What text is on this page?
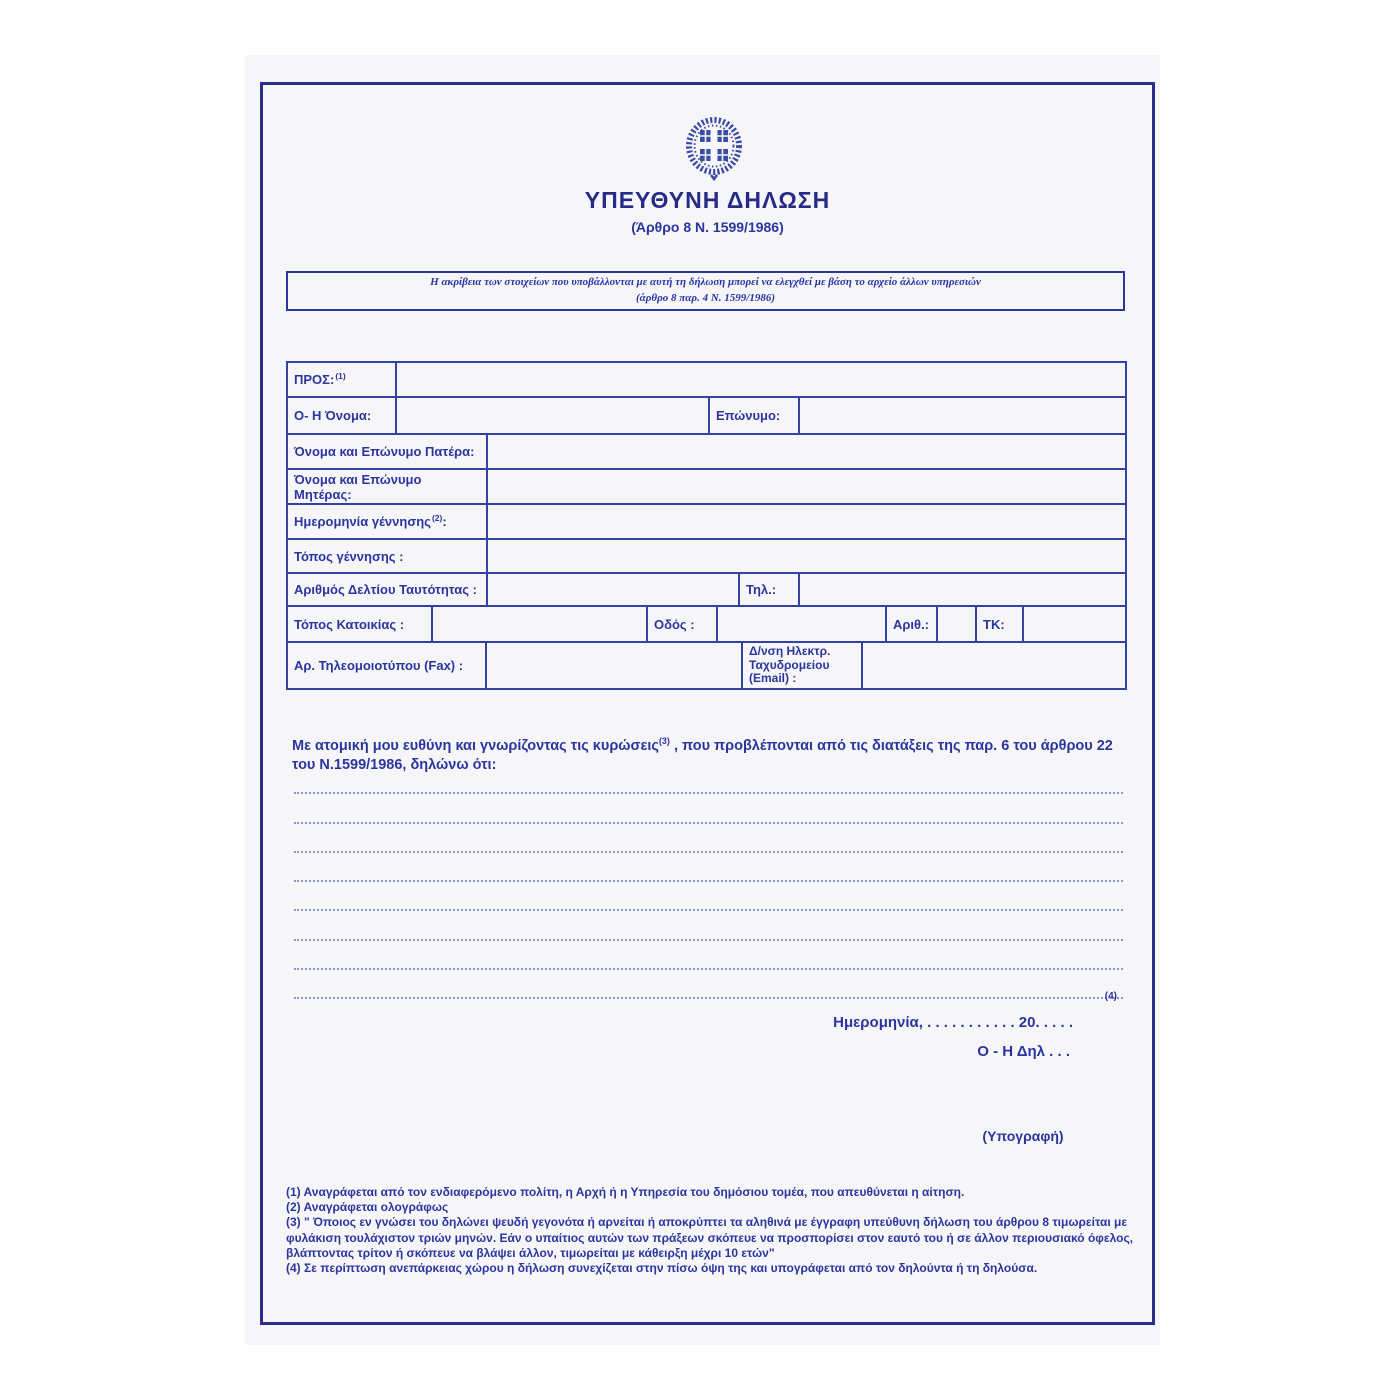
ΥΠΕΥΘΥΝΗ ΔΗΛΩΣΗ
(Άρθρο 8 Ν. 1599/1986)
Η ακρίβεια των στοιχείων που υποβάλλονται με αυτή τη δήλωση μπορεί να ελεγχθεί με βάση το αρχείο άλλων υπηρεσιών
(άρθρο 8 παρ. 4 Ν. 1599/1986)
ΠΡΟΣ:$^{(1)}$
Ο- Η Όνομα:	Επώνυμο:
Όνομα και Επώνυμο Πατέρα:
Όνομα και Επώνυμο Μητέρας:
Ημερομηνία γέννησης$^{(2)}$ :
Τόπος γέννησης :
Αριθμός Δελτίου Ταυτότητας :	Τηλ.:
Τόπος Κατοικίας :	Οδός :	Αριθ.:	ΤΚ:
Αρ. Τηλεομοιοτύπου (Fax) :
Δ/νση Ηλεκτρ. Ταχυδρομείου (Email) :
Με ατομική μου ευθύνη και γνωρίζοντας τις κυρώσεις$^{(3)}$ , που προβλέπονται από τις διατάξεις της παρ. 6 του άρθρου 22 του Ν.1599/1986, δηλώνω ότι:
(4)
Ημερομηνία, . . . . . . . . . . . 20. . . . .
Ο - Η Δηλ . . .
(Υπογραφή)

(1) Αναγράφεται από τον ενδιαφερόμενο πολίτη, η Αρχή ή η Υπηρεσία του δημόσιου τομέα, που απευθύνεται η αίτηση.

(2) Αναγράφεται ολογράφως

(3) " Όποιος εν γνώσει του δηλώνει ψευδή γεγονότα ή αρνείται ή αποκρύπτει τα αληθινά με έγγραφη υπεύθυνη δήλωση του άρθρου 8 τιμωρείται με φυλάκιση τουλάχιστον τριών μηνών. Εάν ο υπαίτιος αυτών των πράξεων σκόπευε να προσπορίσει στον εαυτό του ή σε άλλον περιουσιακό όφελος, βλάπτοντας τρίτον ή σκόπευε να βλάψει άλλον, τιμωρείται με κάθειρξη μέχρι 10 ετών"

(4) Σε περίπτωση ανεπάρκειας χώρου η δήλωση συνεχίζεται στην πίσω όψη της και υπογράφεται από τον δηλούντα ή τη δηλούσα.
